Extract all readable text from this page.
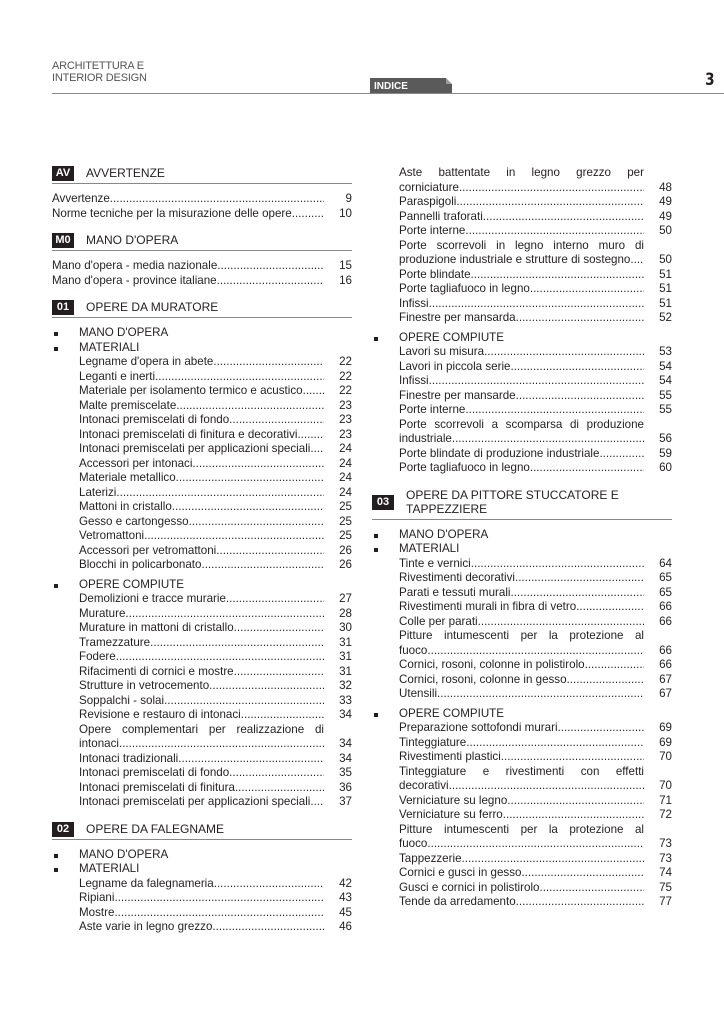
ARCHITETTURA E
INTERIOR DESIGN
INDICE	3
AV	AVVERTENZE
Avvertenze .....	9
Norme tecniche per la misurazione delle opere .....	10
M0 MANO D'OPERA
Mano d'opera - media nazionale .....	15
Mano d'opera - province italiane .....	16
01	OPERE DA MURATORE
MANO D'OPERA
MATERIALI
Legname d'opera in abete .....	22
Leganti e inerti .....	22
Materiale per isolamento termico e acustico .....	22
Malte premiscelate .....	23
Intonaci premiscelati di fondo .....	23
Intonaci premiscelati di finitura e decorativi .....	23
Intonaci premiscelati per applicazioni speciali. .....	24
Accessori per intonaci .....	24
Materiale metallico .....	24
Laterizi .....	24
Mattoni in cristallo .....	25
Gesso e cartongesso .....	25
Vetromattoni .....	25
Accessori per vetromattoni .....	26
Blocchi in policarbonato .....	26
OPERE COMPIUTE
Demolizioni e tracce murarie .....	27
Murature .....	28
Murature in mattoni di cristallo .....	30
Tramezzature .....	31
Fodere .....	31
Rifacimenti di cornici e mostre .....	31
Strutture in vetrocemento .....	32
Soppalchi - solai .....	33
Revisione e restauro di intonaci .....	34
Opere complementari per realizzazione di
intonaci .....	34
Intonaci tradizionali .....	34
Intonaci premiscelati di fondo .....	35
Intonaci premiscelati di finitura .....	36
Intonaci premiscelati per applicazioni speciali. .....	37
02	OPERE DA FALEGNAME
MANO D'OPERA
MATERIALI
Legname da falegnameria .....	42
Ripiani .....	43
Mostre .....	45
Aste varie in legno grezzo .....	46
Aste battentate in legno grezzo per
corniciature .....	48
Paraspigoli .....	49
Pannelli traforati .....	49
Porte interne .....	50
Porte scorrevoli in legno interno muro di
produzione industriale e strutture di sostegno. .....	50
Porte blindate .....	51
Porte tagliafuoco in legno .....	51
Infissi .....	51
Finestre per mansarda .....	52
OPERE COMPIUTE
Lavori su misura .....	53
Lavori in piccola serie .....	54
Infissi .....	54
Finestre per mansarde .....	55
Porte interne .....	55
Porte scorrevoli a scomparsa di produzione
industriale .....	56
Porte blindate di produzione industriale .....	59
Porte tagliafuoco in legno .....	60
03	OPERE DA PITTORE STUCCATORE E TAPPEZZIERE
MANO D'OPERA
MATERIALI
Tinte e vernici .....	64
Rivestimenti decorativi .....	65
Parati e tessuti murali .....	65
Rivestimenti murali in fibra di vetro .....	66
Colle per parati .....	66
Pitture intumescenti per la protezione al
fuoco .....	66
Cornici, rosoni, colonne in polistirolo .....	66
Cornici, rosoni, colonne in gesso .....	67
Utensili .....	67
OPERE COMPIUTE
Preparazione sottofondi murari .....	69
Tinteggiature .....	69
Rivestimenti plastici .....	70
Tinteggiature e rivestimenti con effetti
decorativi .....	70
Verniciature su legno .....	71
Verniciature su ferro .....	72
Pitture intumescenti per la protezione al
fuoco .....	73
Tappezzerie .....	73
Cornici e gusci in gesso .....	74
Gusci e cornici in polistirolo .....	75
Tende da arredamento .....	77
